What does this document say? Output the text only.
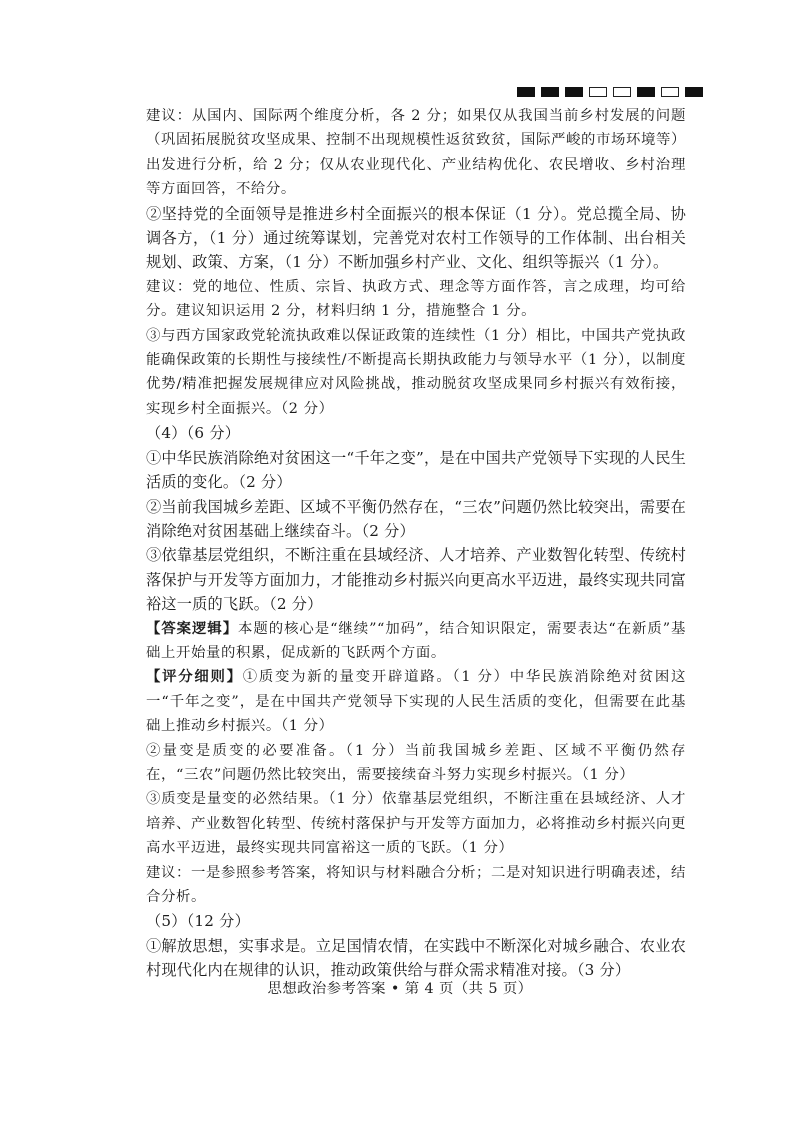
建议：从国内、国际两个维度分析，各 2 分；如果仅从我国当前乡村发展的问题（巩固拓展脱贫攻坚成果、控制不出现规模性返贫致贫，国际严峻的市场环境等）出发进行分析，给 2 分；仅从农业现代化、产业结构优化、农民增收、乡村治理等方面回答，不给分。

②坚持党的全面领导是推进乡村全面振兴的根本保证（1 分）。党总揽全局、协调各方，（1 分）通过统筹谋划，完善党对农村工作领导的工作体制、出台相关规划、政策、方案，（1 分）不断加强乡村产业、文化、组织等振兴（1 分）。

建议：党的地位、性质、宗旨、执政方式、理念等方面作答，言之成理，均可给分。建议知识运用 2 分，材料归纳 1 分，措施整合 1 分。

③与西方国家政党轮流执政难以保证政策的连续性（1 分）相比，中国共产党执政能确保政策的长期性与接续性/不断提高长期执政能力与领导水平（1 分），以制度优势/精准把握发展规律应对风险挑战，推动脱贫攻坚成果同乡村振兴有效衔接，实现乡村全面振兴。（2 分）

（4）（6 分）

①中华民族消除绝对贫困这一“千年之变”，是在中国共产党领导下实现的人民生活质的变化。（2 分）

②当前我国城乡差距、区域不平衡仍然存在，“三农”问题仍然比较突出，需要在消除绝对贫困基础上继续奋斗。（2 分）

③依靠基层党组织，不断注重在县域经济、人才培养、产业数智化转型、传统村落保护与开发等方面加力，才能推动乡村振兴向更高水平迈进，最终实现共同富裕这一质的飞跃。（2 分）

【答案逻辑】本题的核心是“继续”“加码”，结合知识限定，需要表达“在新质”基础上开始量的积累，促成新的飞跃两个方面。

【评分细则】①质变为新的量变开辟道路。（1 分）中华民族消除绝对贫困这一“千年之变”，是在中国共产党领导下实现的人民生活质的变化，但需要在此基础上推动乡村振兴。（1 分）

②量变是质变的必要准备。（1 分）当前我国城乡差距、区域不平衡仍然存在，“三农”问题仍然比较突出，需要接续奋斗努力实现乡村振兴。（1 分）

③质变是量变的必然结果。（1 分）依靠基层党组织，不断注重在县域经济、人才培养、产业数智化转型、传统村落保护与开发等方面加力，必将推动乡村振兴向更高水平迈进，最终实现共同富裕这一质的飞跃。（1 分）

建议：一是参照参考答案，将知识与材料融合分析；二是对知识进行明确表述，结合分析。

（5）（12 分）

①解放思想，实事求是。立足国情农情，在实践中不断深化对城乡融合、农业农村现代化内在规律的认识，推动政策供给与群众需求精准对接。（3 分）

思想政治参考答案 • 第 4 页（共 5 页）
